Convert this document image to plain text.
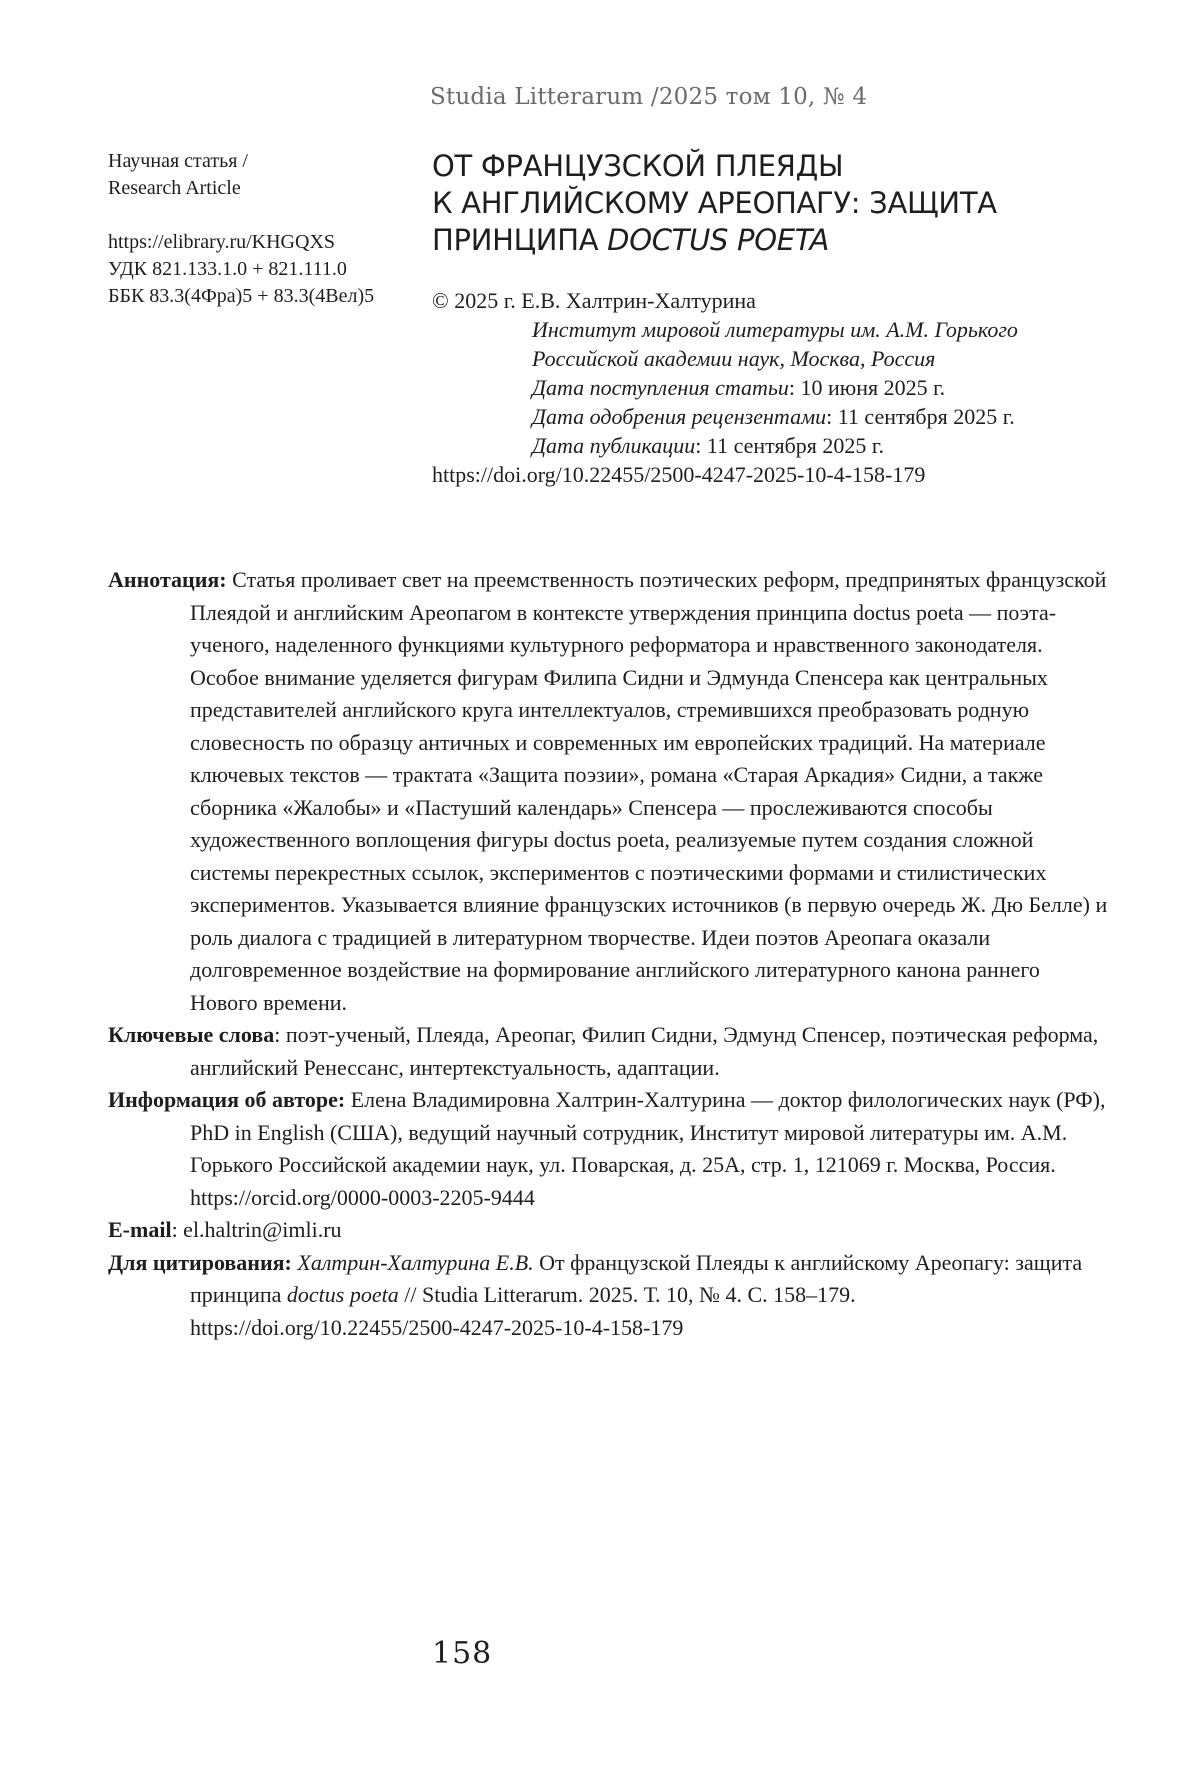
Studia Litterarum /2025 том 10, № 4
Научная статья /
Research Article
https://elibrary.ru/KHGQXS
УДК 821.133.1.0 + 821.111.0
ББК 83.3(4Фра)5 + 83.3(4Вел)5
ОТ ФРАНЦУЗСКОЙ ПЛЕЯДЫ
К АНГЛИЙСКОМУ АРЕОПАГУ: ЗАЩИТА
ПРИНЦИПА DOCTUS POETA
© 2025 г. Е.В. Халтрин-Халтурина
Институт мировой литературы им. А.М. Горького
Российской академии наук, Москва, Россия
Дата поступления статьи: 10 июня 2025 г.
Дата одобрения рецензентами: 11 сентября 2025 г.
Дата публикации: 11 сентября 2025 г.
https://doi.org/10.22455/2500-4247-2025-10-4-158-179

Аннотация: Статья проливает свет на преемственность поэтических реформ, предпринятых французской Плеядой и английским Ареопагом в контексте утверждения принципа doctus poeta — поэта-ученого, наделенного функциями культурного реформатора и нравственного законодателя. Особое внимание уделяется фигурам Филипа Сидни и Эдмунда Спенсера как центральных представителей английского круга интеллектуалов, стремившихся преобразовать родную словесность по образцу античных и современных им европейских традиций. На материале ключевых текстов — трактата «Защита поэзии», романа «Старая Аркадия» Сидни, а также сборника «Жалобы» и «Пастуший календарь» Спенсера — прослеживаются способы художественного воплощения фигуры doctus poeta, реализуемые путем создания сложной системы перекрестных ссылок, экспериментов с поэтическими формами и стилистических экспериментов. Указывается влияние французских источников (в первую очередь Ж. Дю Белле) и роль диалога с традицией в литературном творчестве. Идеи поэтов Ареопага оказали долговременное воздействие на формирование английского литературного канона раннего Нового времени.

Ключевые слова: поэт-ученый, Плеяда, Ареопаг, Филип Сидни, Эдмунд Спенсер, поэтическая реформа, английский Ренессанс, интертекстуальность, адаптации.

Информация об авторе: Елена Владимировна Халтрин-Халтурина — доктор филологических наук (РФ), PhD in English (США), ведущий научный сотрудник, Институт мировой литературы им. А.М. Горького Российской академии наук, ул. Поварская, д. 25А, стр. 1, 121069 г. Москва, Россия. https://orcid.org/0000-0003-2205-9444

E-mail: el.haltrin@imli.ru

Для цитирования: Халтрин-Халтурина Е.В. От французской Плеяды к английскому Ареопагу: защита принципа doctus poeta // Studia Litterarum. 2025. Т. 10, № 4. С. 158–179. https://doi.org/10.22455/2500-4247-2025-10-4-158-179

158
